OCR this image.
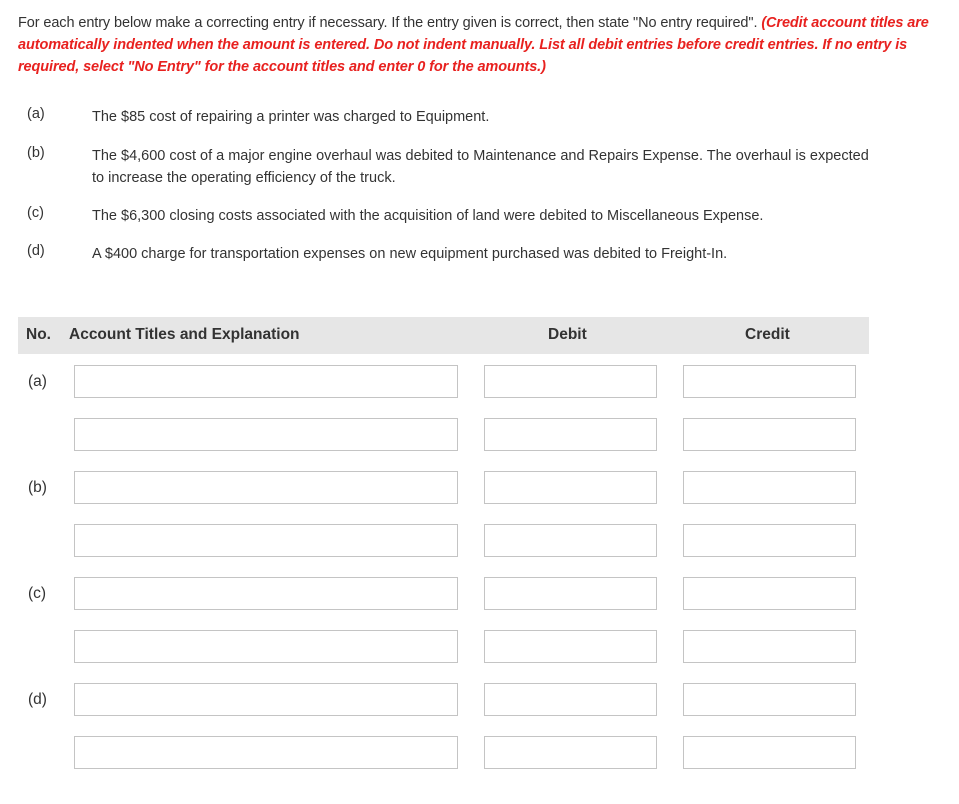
For each entry below make a correcting entry if necessary. If the entry given is correct, then state "No entry required". (Credit account titles are automatically indented when the amount is entered. Do not indent manually. List all debit entries before credit entries. If no entry is required, select "No Entry" for the account titles and enter 0 for the amounts.)
(a)	The $85 cost of repairing a printer was charged to Equipment.
(b)	The $4,600 cost of a major engine overhaul was debited to Maintenance and Repairs Expense. The overhaul is expected to increase the operating efficiency of the truck.
(c)	The $6,300 closing costs associated with the acquisition of land were debited to Miscellaneous Expense.
(d)	A $400 charge for transportation expenses on new equipment purchased was debited to Freight-In.
No. Account Titles and Explanation	Debit	Credit
(a)
(b)
(c)
(d)
